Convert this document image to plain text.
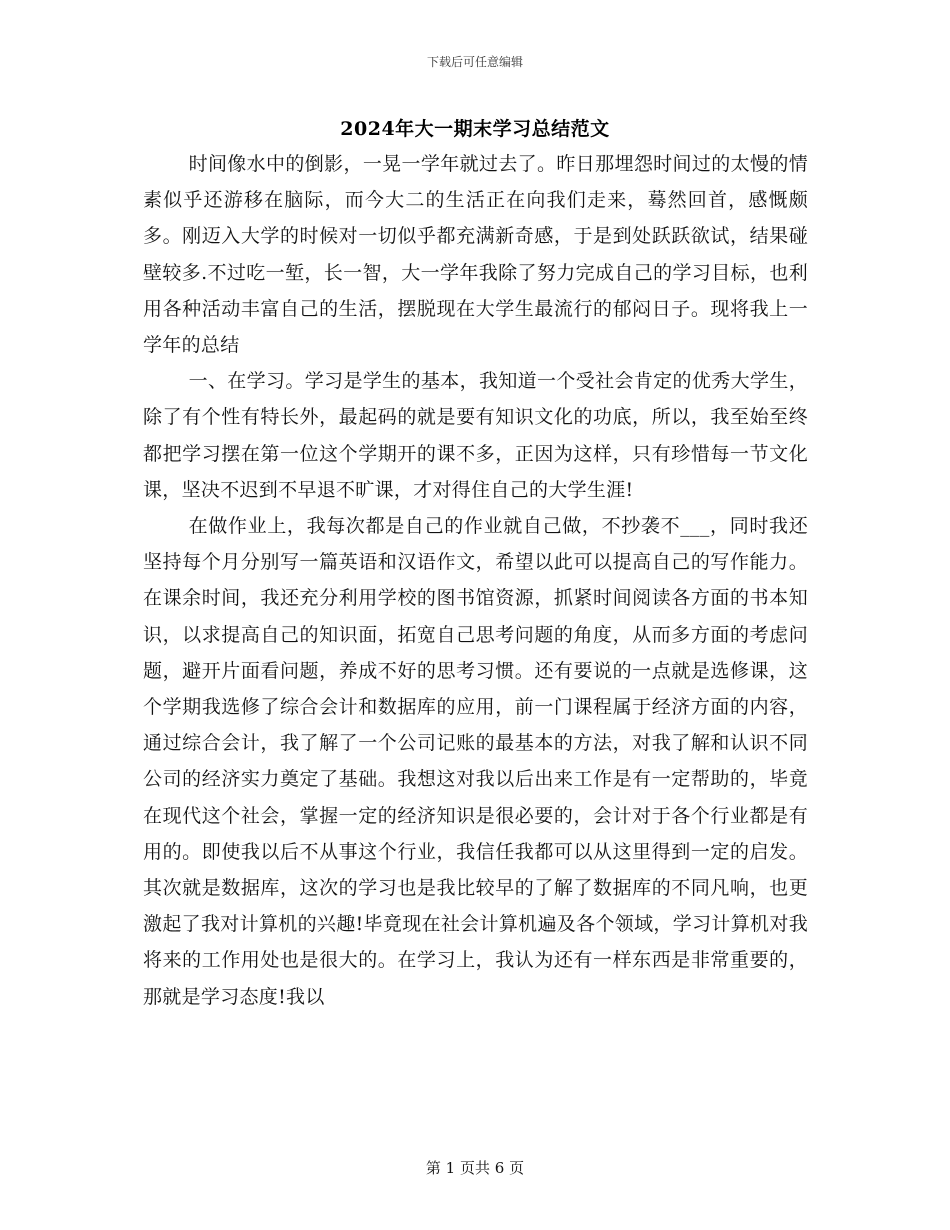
下载后可任意编辑
2024年大一期末学习总结范文

时间像水中的倒影，一晃一学年就过去了。昨日那埋怨时间过的太慢的情素似乎还游移在脑际，而今大二的生活正在向我们走来，蓦然回首，感慨颇多。刚迈入大学的时候对一切似乎都充满新奇感，于是到处跃跃欲试，结果碰壁较多.不过吃一堑，长一智，大一学年我除了努力完成自己的学习目标，也利用各种活动丰富自己的生活，摆脱现在大学生最流行的郁闷日子。现将我上一学年的总结

一、在学习。学习是学生的基本，我知道一个受社会肯定的优秀大学生，除了有个性有特长外，最起码的就是要有知识文化的功底，所以，我至始至终都把学习摆在第一位这个学期开的课不多，正因为这样，只有珍惜每一节文化课，坚决不迟到不早退不旷课，才对得住自己的大学生涯!

在做作业上，我每次都是自己的作业就自己做，不抄袭不___，同时我还坚持每个月分别写一篇英语和汉语作文，希望以此可以提高自己的写作能力。在课余时间，我还充分利用学校的图书馆资源，抓紧时间阅读各方面的书本知识，以求提高自己的知识面，拓宽自己思考问题的角度，从而多方面的考虑问题，避开片面看问题，养成不好的思考习惯。还有要说的一点就是选修课，这个学期我选修了综合会计和数据库的应用，前一门课程属于经济方面的内容，通过综合会计，我了解了一个公司记账的最基本的方法，对我了解和认识不同公司的经济实力奠定了基础。我想这对我以后出来工作是有一定帮助的，毕竟在现代这个社会，掌握一定的经济知识是很必要的，会计对于各个行业都是有用的。即使我以后不从事这个行业，我信任我都可以从这里得到一定的启发。其次就是数据库，这次的学习也是我比较早的了解了数据库的不同凡响，也更激起了我对计算机的兴趣!毕竟现在社会计算机遍及各个领域，学习计算机对我将来的工作用处也是很大的。在学习上，我认为还有一样东西是非常重要的，那就是学习态度!我以

第 1 页共 6 页
